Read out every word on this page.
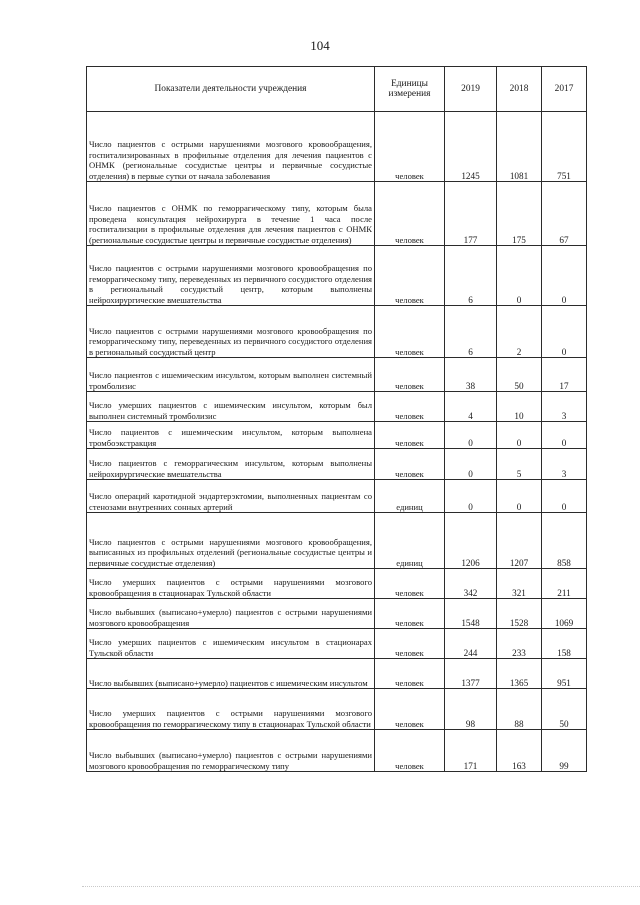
104
Показатели деятельности учреждения	Единицы измерения	2019	2018	2017
Число пациентов с острыми нарушениями мозгового кровообращения, госпитализированных в профильные отделения для лечения пациентов с ОНМК (региональные сосудистые центры и первичные сосудистые отделения) в первые сутки от начала заболевания	человек	1245	1081	751
Число пациентов с ОНМК по геморрагическому типу, которым была проведена консультация нейрохирурга в течение 1 часа после госпитализации в профильные отделения для лечения пациентов с ОНМК (региональные сосудистые центры и первичные сосудистые отделения)	человек	177	175	67
Число пациентов с острыми нарушениями мозгового кровообращения по геморрагическому типу, переведенных из первичного сосудистого отделения в региональный сосудистый центр, которым выполнены нейрохирургические вмешательства	человек	6	0	0
Число пациентов с острыми нарушениями мозгового кровообращения по геморрагическому типу, переведенных из первичного сосудистого отделения в региональный сосудистый центр	человек	6	2	0
Число пациентов с ишемическим инсультом, которым выполнен системный тромболизис	человек	38	50	17
Число умерших пациентов с ишемическим инсультом, которым был выполнен системный тромболизис	человек	4	10	3
Число пациентов с ишемическим инсультом, которым выполнена тромбоэкстракция	человек	0	0	0
Число пациентов с геморрагическим инсультом, которым выполнены нейрохирургические вмешательства	человек	0	5	3
Число операций каротидной эндартерэктомии, выполненных пациентам со стенозами внутренних сонных артерий	единиц	0	0	0
Число пациентов с острыми нарушениями мозгового кровообращения, выписанных из профильных отделений (региональные сосудистые центры и первичные сосудистые отделения)	единиц	1206	1207	858
Число умерших пациентов с острыми нарушениями мозгового кровообращения в стационарах Тульской области	человек	342	321	211
Число выбывших (выписано+умерло) пациентов с острыми нарушениями мозгового кровообращения	человек	1548	1528	1069
Число умерших пациентов с ишемическим инсультом в стационарах Тульской области	человек	244	233	158
Число выбывших (выписано+умерло) пациентов с ишемическим инсультом	человек	1377	1365	951
Число умерших пациентов с острыми нарушениями мозгового кровообращения по геморрагическому типу в стационарах Тульской области	человек	98	88	50
Число выбывших (выписано+умерло) пациентов с острыми нарушениями мозгового кровообращения по геморрагическому типу	человек	171	163	99
